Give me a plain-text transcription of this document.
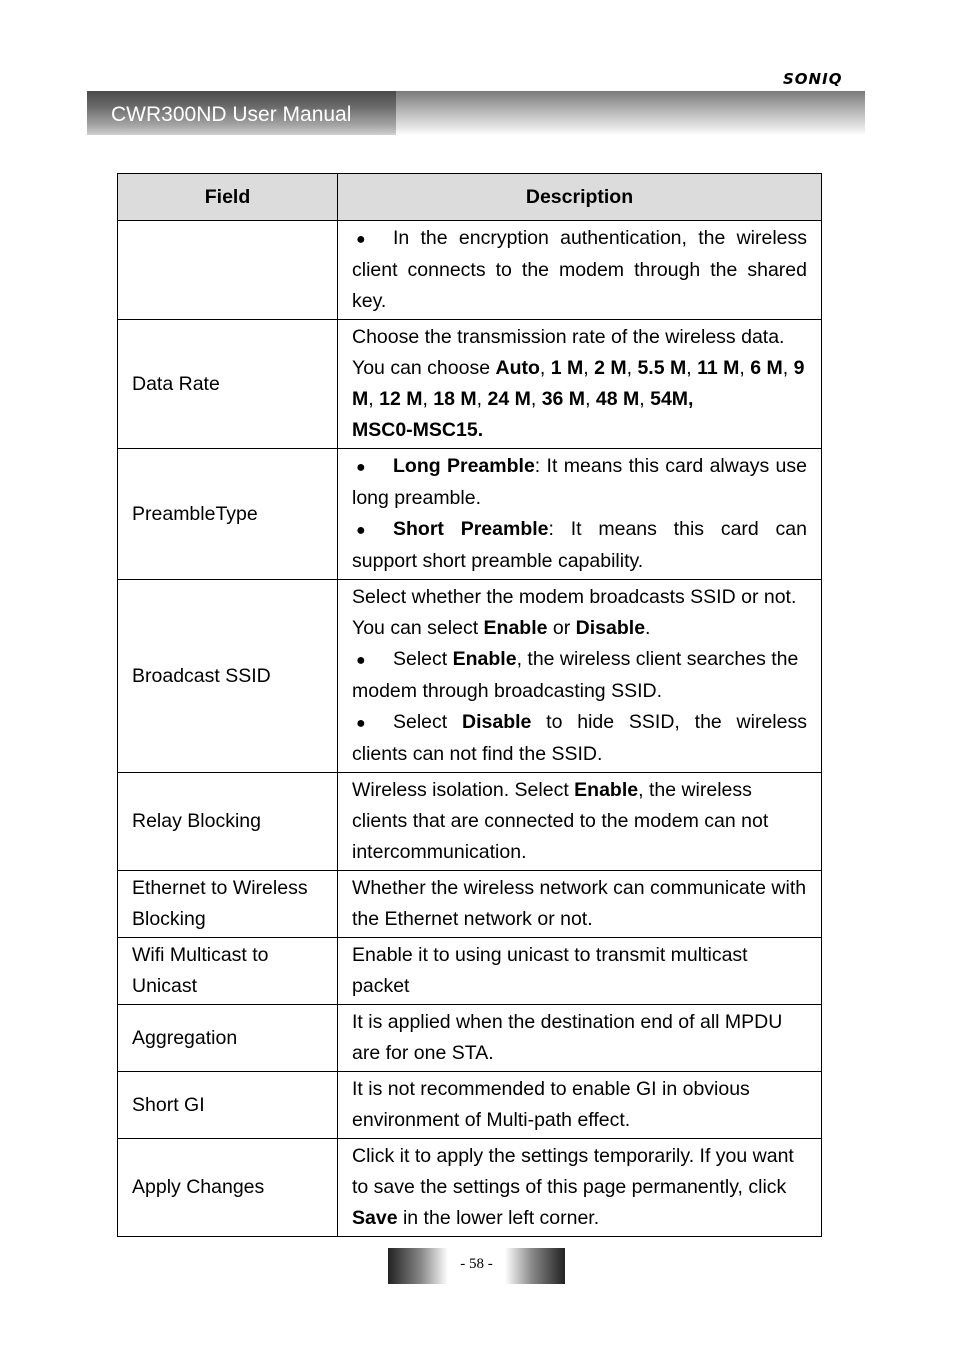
SONIQ
CWR300ND User Manual
Field	Description
	●In the encryption authentication, the wireless client connects to the modem through the shared key.
Data Rate	Choose the transmission rate of the wireless data.
You can choose Auto, 1 M, 2 M, 5.5 M, 11 M, 6 M, 9 M, 12 M, 18 M, 24 M, 36 M, 48 M, 54M,
MSC0-MSC15.
PreambleType	●Long Preamble: It means this card always use long preamble.
●Short Preamble: It means this card can support short preamble capability.
Broadcast SSID	Select whether the modem broadcasts SSID or not. You can select Enable or Disable.
●Select Enable, the wireless client searches the modem through broadcasting SSID.

●Select Disable to hide SSID, the wireless clients can not find the SSID.

Relay Blocking	Wireless isolation. Select Enable, the wireless clients that are connected to the modem can not intercommunication.
Ethernet to Wireless Blocking	Whether the wireless network can communicate with the Ethernet network or not.
Wifi Multicast to Unicast	Enable it to using unicast to transmit multicast packet
Aggregation	It is applied when the destination end of all MPDU are for one STA.
Short GI	It is not recommended to enable GI in obvious environment of Multi-path effect.
Apply Changes	Click it to apply the settings temporarily. If you want to save the settings of this page permanently, click Save in the lower left corner.
- 58 -
